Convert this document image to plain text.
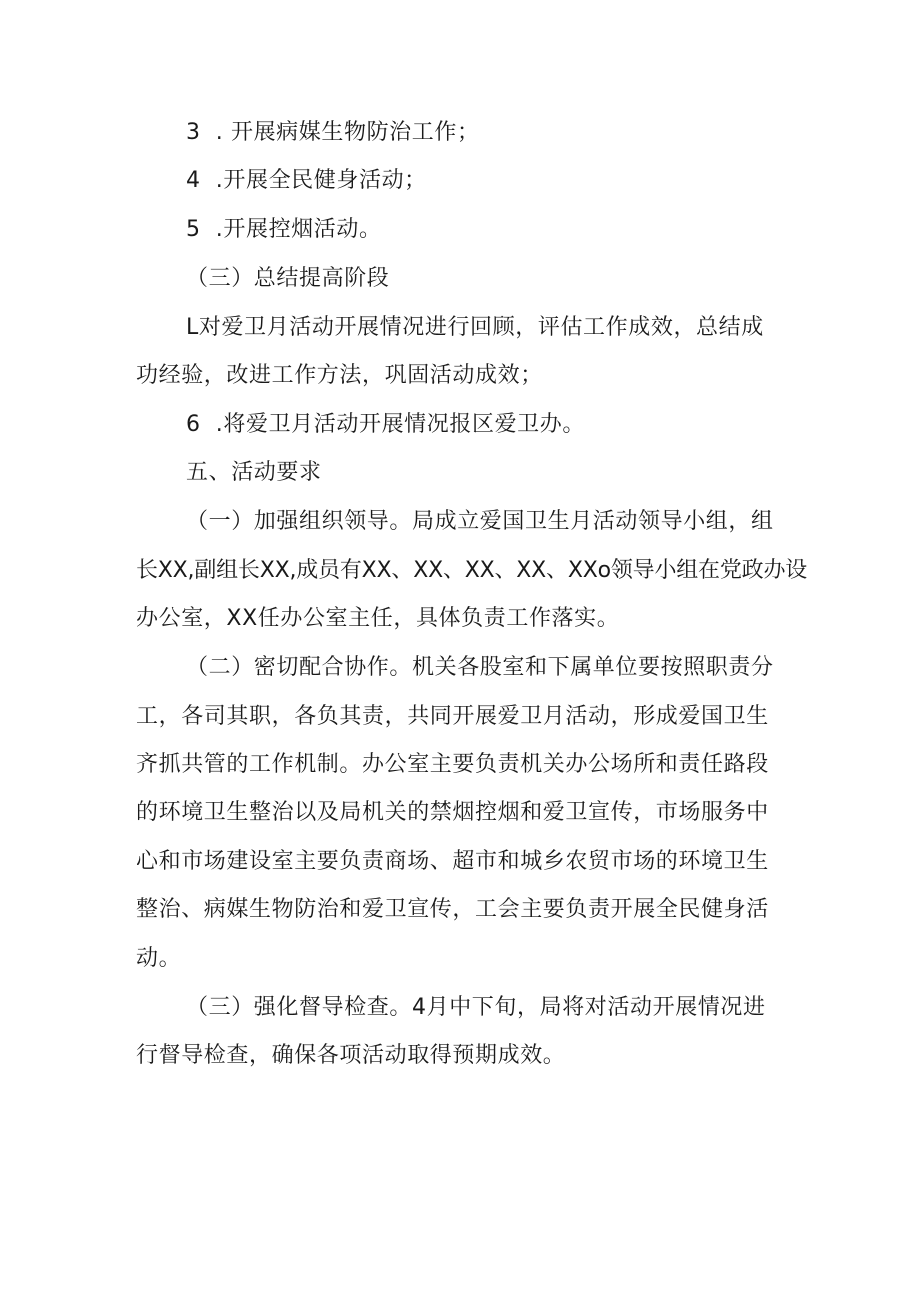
3  . 开展病媒生物防治工作；
4  .开展全民健身活动；
5  .开展控烟活动。
（三）总结提高阶段
L对爱卫月活动开展情况进行回顾，评估工作成效，总结成
功经验，改进工作方法，巩固活动成效；
6  .将爱卫月活动开展情况报区爱卫办。
五、活动要求
（一）加强组织领导。局成立爱国卫生月活动领导小组，组
长XX,副组长XX,成员有XX、XX、XX、XX、XXo领导小组在党政办设
办公室，XX任办公室主任，具体负责工作落实。
（二）密切配合协作。机关各股室和下属单位要按照职责分
工，各司其职，各负其责，共同开展爱卫月活动，形成爱国卫生
齐抓共管的工作机制。办公室主要负责机关办公场所和责任路段
的环境卫生整治以及局机关的禁烟控烟和爱卫宣传，市场服务中
心和市场建设室主要负责商场、超市和城乡农贸市场的环境卫生
整治、病媒生物防治和爱卫宣传，工会主要负责开展全民健身活
动。
（三）强化督导检查。4月中下旬，局将对活动开展情况进
行督导检查，确保各项活动取得预期成效。
